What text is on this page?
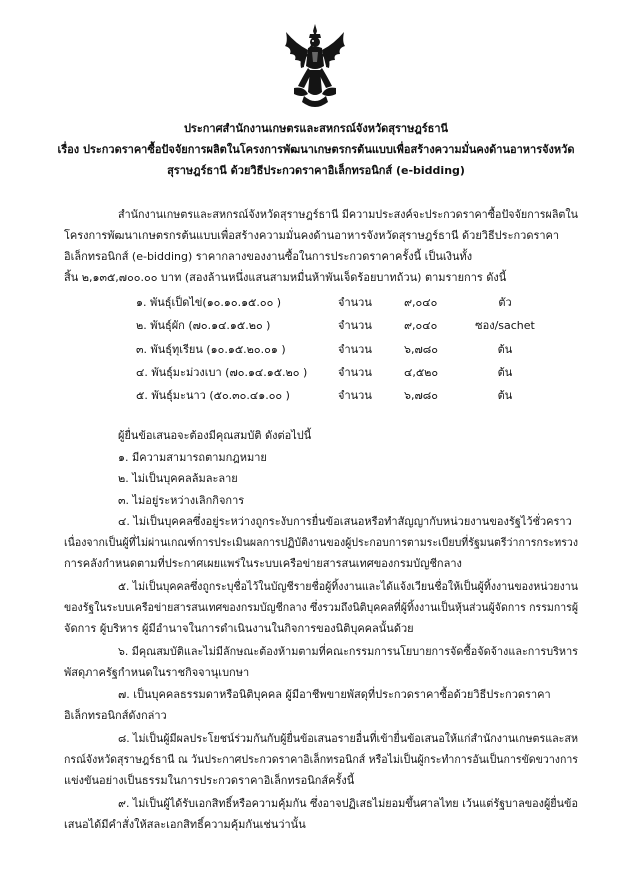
ประกาศสำนักงานเกษตรและสหกรณ์จังหวัดสุราษฎร์ธานี
เรื่อง ประกวดราคาซื้อปัจจัยการผลิตในโครงการพัฒนาเกษตรกรต้นแบบเพื่อสร้างความมั่นคงด้านอาหารจังหวัด
สุราษฎร์ธานี ด้วยวิธีประกวดราคาอิเล็กทรอนิกส์ (e-bidding)
สำนักงานเกษตรและสหกรณ์จังหวัดสุราษฎร์ธานี มีความประสงค์จะประกวดราคาซื้อปัจจัยการผลิตใน
โครงการพัฒนาเกษตรกรต้นแบบเพื่อสร้างความมั่นคงด้านอาหารจังหวัดสุราษฎร์ธานี ด้วยวิธีประกวดราคา
อิเล็กทรอนิกส์ (e-bidding) ราคากลางของงานซื้อในการประกวดราคาครั้งนี้ เป็นเงินทั้ง
สิ้น ๒,๑๓๕,๗๐๐.๐๐ บาท (สองล้านหนึ่งแสนสามหมื่นห้าพันเจ็ดร้อยบาทถ้วน) ตามรายการ ดังนี้
๑. พันธุ์เป็ดไข่(๑๐.๑๐.๑๕.๐๐ )	จำนวน	๙,๐๔๐	ตัว
๒. พันธุ์ผัก (๗๐.๑๔.๑๕.๒๐ )	จำนวน	๙,๐๔๐	ซอง/sachet
๓. พันธุ์ทุเรียน (๑๐.๑๕.๒๐.๐๑ )	จำนวน	๖,๗๘๐	ต้น
๔. พันธุ์มะม่วงเบา (๗๐.๑๔.๑๕.๒๐ )	จำนวน	๔,๕๒๐	ต้น
๕. พันธุ์มะนาว (๕๐.๓๐.๔๑.๐๐ )	จำนวน	๖,๗๘๐	ต้น
ผู้ยื่นข้อเสนอจะต้องมีคุณสมบัติ ดังต่อไปนี้
๑. มีความสามารถตามกฎหมาย
๒. ไม่เป็นบุคคลล้มละลาย
๓. ไม่อยู่ระหว่างเลิกกิจการ
๔. ไม่เป็นบุคคลซึ่งอยู่ระหว่างถูกระงับการยื่นข้อเสนอหรือทำสัญญากับหน่วยงานของรัฐไว้ชั่วคราว
เนื่องจากเป็นผู้ที่ไม่ผ่านเกณฑ์การประเมินผลการปฏิบัติงานของผู้ประกอบการตามระเบียบที่รัฐมนตรีว่าการกระทรวง
การคลังกำหนดตามที่ประกาศเผยแพร่ในระบบเครือข่ายสารสนเทศของกรมบัญชีกลาง
๕. ไม่เป็นบุคคลซึ่งถูกระบุชื่อไว้ในบัญชีรายชื่อผู้ทิ้งงานและได้แจ้งเวียนชื่อให้เป็นผู้ทิ้งงานของหน่วยงาน
ของรัฐในระบบเครือข่ายสารสนเทศของกรมบัญชีกลาง ซึ่งรวมถึงนิติบุคคลที่ผู้ทิ้งงานเป็นหุ้นส่วนผู้จัดการ กรรมการผู้
จัดการ ผู้บริหาร ผู้มีอำนาจในการดำเนินงานในกิจการของนิติบุคคลนั้นด้วย
๖. มีคุณสมบัติและไม่มีลักษณะต้องห้ามตามที่คณะกรรมการนโยบายการจัดซื้อจัดจ้างและการบริหาร
พัสดุภาครัฐกำหนดในราชกิจจานุเบกษา
๗. เป็นบุคคลธรรมดาหรือนิติบุคคล ผู้มีอาชีพขายพัสดุที่ประกวดราคาซื้อด้วยวิธีประกวดราคา
อิเล็กทรอนิกส์ดังกล่าว
๘. ไม่เป็นผู้มีผลประโยชน์ร่วมกันกับผู้ยื่นข้อเสนอรายอื่นที่เข้ายื่นข้อเสนอให้แก่สำนักงานเกษตรและสห
กรณ์จังหวัดสุราษฎร์ธานี ณ วันประกาศประกวดราคาอิเล็กทรอนิกส์ หรือไม่เป็นผู้กระทำการอันเป็นการขัดขวางการ
แข่งขันอย่างเป็นธรรมในการประกวดราคาอิเล็กทรอนิกส์ครั้งนี้
๙. ไม่เป็นผู้ได้รับเอกสิทธิ์หรือความคุ้มกัน ซึ่งอาจปฏิเสธไม่ยอมขึ้นศาลไทย เว้นแต่รัฐบาลของผู้ยื่นข้อ
เสนอได้มีคำสั่งให้สละเอกสิทธิ์ความคุ้มกันเช่นว่านั้น
